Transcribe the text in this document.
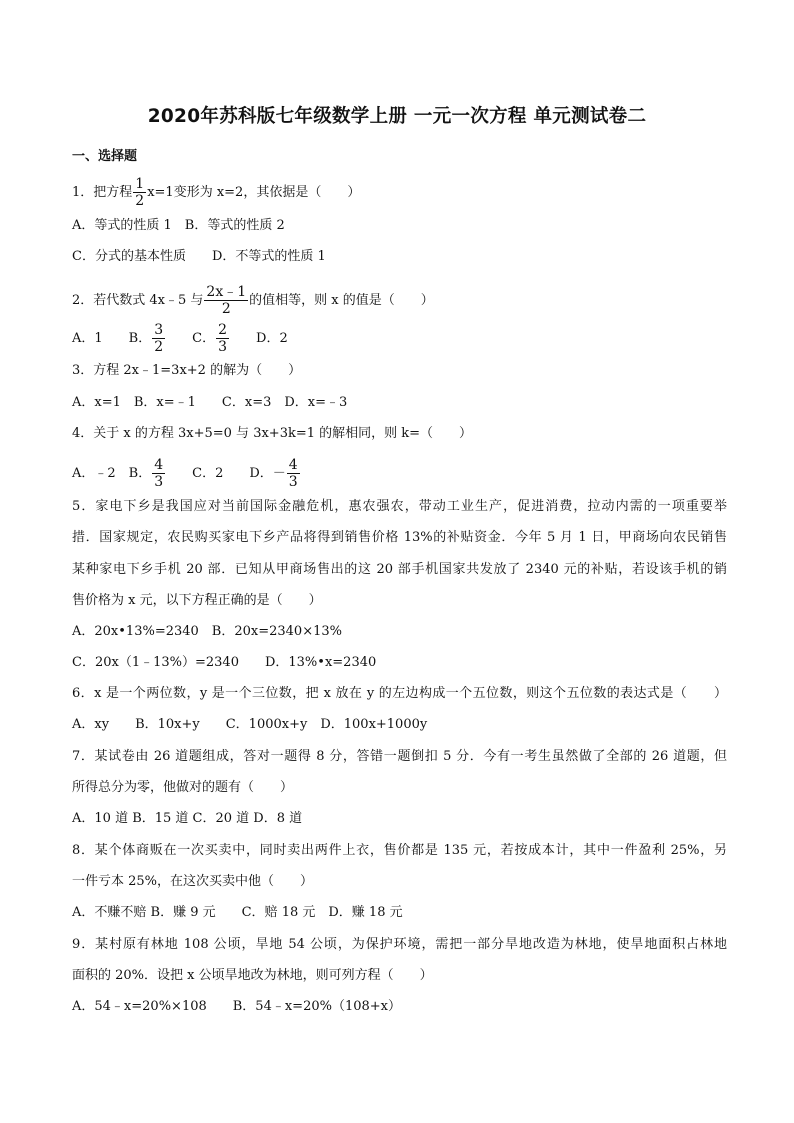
2020年苏科版七年级数学上册 一元一次方程 单元测试卷二
一、选择题
1．把方程 $\frac{1}{2} x=1$变形为 x=2，其依据是（　　）
A．等式的性质 1　B．等式的性质 2
C．分式的基本性质　　D．不等式的性质 1
2．若代数式 4x﹣5 与 $\frac{2x﹣1}{2}$ 的值相等，则 x 的值是（　　）
A．1　　B． $\frac{3}{2}$ 　　C． $\frac{2}{3}$ 　　D．2
3．方程 2x﹣1=3x+2 的解为（　　）
A．x=1　B．x=﹣1　　C．x=3　D．x=﹣3
4．关于 x 的方程 3x+5=0 与 3x+3k=1 的解相同，则 k=（　　）
A．﹣2　B． $\frac{4}{3}$ 　　C．2　　D．－ $\frac{4}{3}$
5．家电下乡是我国应对当前国际金融危机，惠农强农，带动工业生产，促进消费，拉动内需的一项重要举
措．国家规定，农民购买家电下乡产品将得到销售价格 13%的补贴资金．今年 5 月 1 日，甲商场向农民销售
某种家电下乡手机 20 部．已知从甲商场售出的这 20 部手机国家共发放了 2340 元的补贴，若设该手机的销
售价格为 x 元，以下方程正确的是（　　）
A．20x•13%=2340　B．20x=2340×13%
C．20x（1﹣13%）=2340　　D．13%•x=2340
6．x 是一个两位数，y 是一个三位数，把 x 放在 y 的左边构成一个五位数，则这个五位数的表达式是（　　）
A．xy　　B．10x+y　　C．1000x+y　D．100x+1000y
7．某试卷由 26 道题组成，答对一题得 8 分，答错一题倒扣 5 分．今有一考生虽然做了全部的 26 道题，但
所得总分为零，他做对的题有（　　）
A．10 道 B．15 道 C．20 道 D．8 道
8．某个体商贩在一次买卖中，同时卖出两件上衣，售价都是 135 元，若按成本计，其中一件盈利 25%，另
一件亏本 25%，在这次买卖中他（　　）
A．不赚不赔 B．赚 9 元　　C．赔 18 元　D．赚 18 元
9．某村原有林地 108 公顷，旱地 54 公顷，为保护环境，需把一部分旱地改造为林地，使旱地面积占林地
面积的 20%．设把 x 公顷旱地改为林地，则可列方程（　　）
A．54﹣x=20%×108　　B．54﹣x=20%（108+x）
